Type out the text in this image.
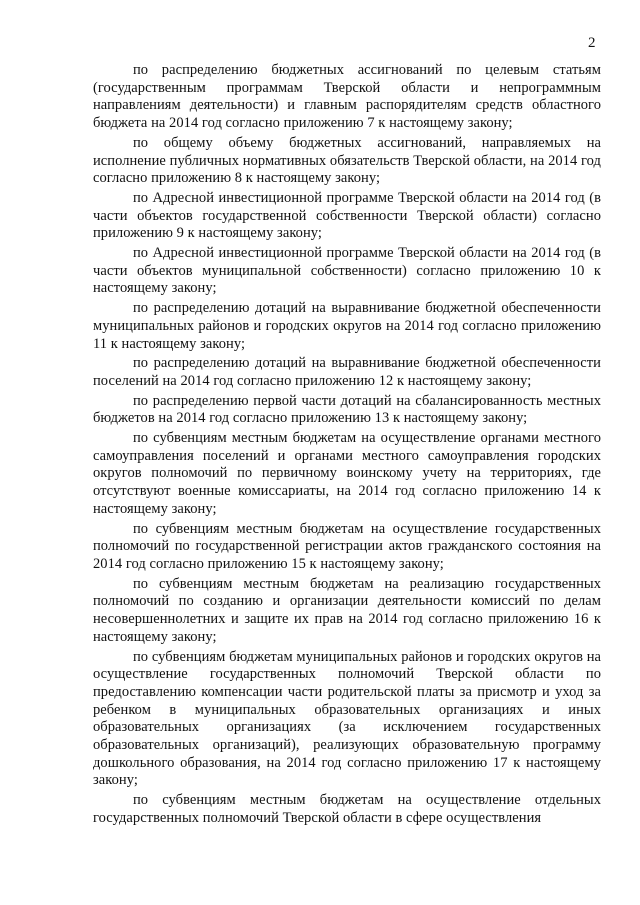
2

по распределению бюджетных ассигнований по целевым статьям (государственным программам Тверской области и непрограммным направлениям деятельности) и главным распорядителям средств областного бюджета на 2014 год согласно приложению 7 к настоящему закону;

по общему объему бюджетных ассигнований, направляемых на исполнение публичных нормативных обязательств Тверской области, на 2014 год согласно приложению 8 к настоящему закону;

по Адресной инвестиционной программе Тверской области на 2014 год (в части объектов государственной собственности Тверской области) согласно приложению 9 к настоящему закону;

по Адресной инвестиционной программе Тверской области на 2014 год (в части объектов муниципальной собственности) согласно приложению 10 к настоящему закону;

по распределению дотаций на выравнивание бюджетной обеспеченности муниципальных районов и городских округов на 2014 год согласно приложению 11 к настоящему закону;

по распределению дотаций на выравнивание бюджетной обеспеченности поселений на 2014 год согласно приложению 12 к настоящему закону;

по распределению первой части дотаций на сбалансированность местных бюджетов на 2014 год согласно приложению 13 к настоящему закону;

по субвенциям местным бюджетам на осуществление органами местного самоуправления поселений и органами местного самоуправления городских округов полномочий по первичному воинскому учету на территориях, где отсутствуют военные комиссариаты, на 2014 год согласно приложению 14 к настоящему закону;

по субвенциям местным бюджетам на осуществление государственных полномочий по государственной регистрации актов гражданского состояния на 2014 год согласно приложению 15 к настоящему закону;

по субвенциям местным бюджетам на реализацию государственных полномочий по созданию и организации деятельности комиссий по делам несовершеннолетних и защите их прав на 2014 год согласно приложению 16 к настоящему закону;

по субвенциям бюджетам муниципальных районов и городских округов на осуществление государственных полномочий Тверской области по предоставлению компенсации части родительской платы за присмотр и уход за ребенком в муниципальных образовательных организациях и иных образовательных организациях (за исключением государственных образовательных организаций), реализующих образовательную программу дошкольного образования, на 2014 год согласно приложению 17 к настоящему закону;

по субвенциям местным бюджетам на осуществление отдельных государственных полномочий Тверской области в сфере осуществления
